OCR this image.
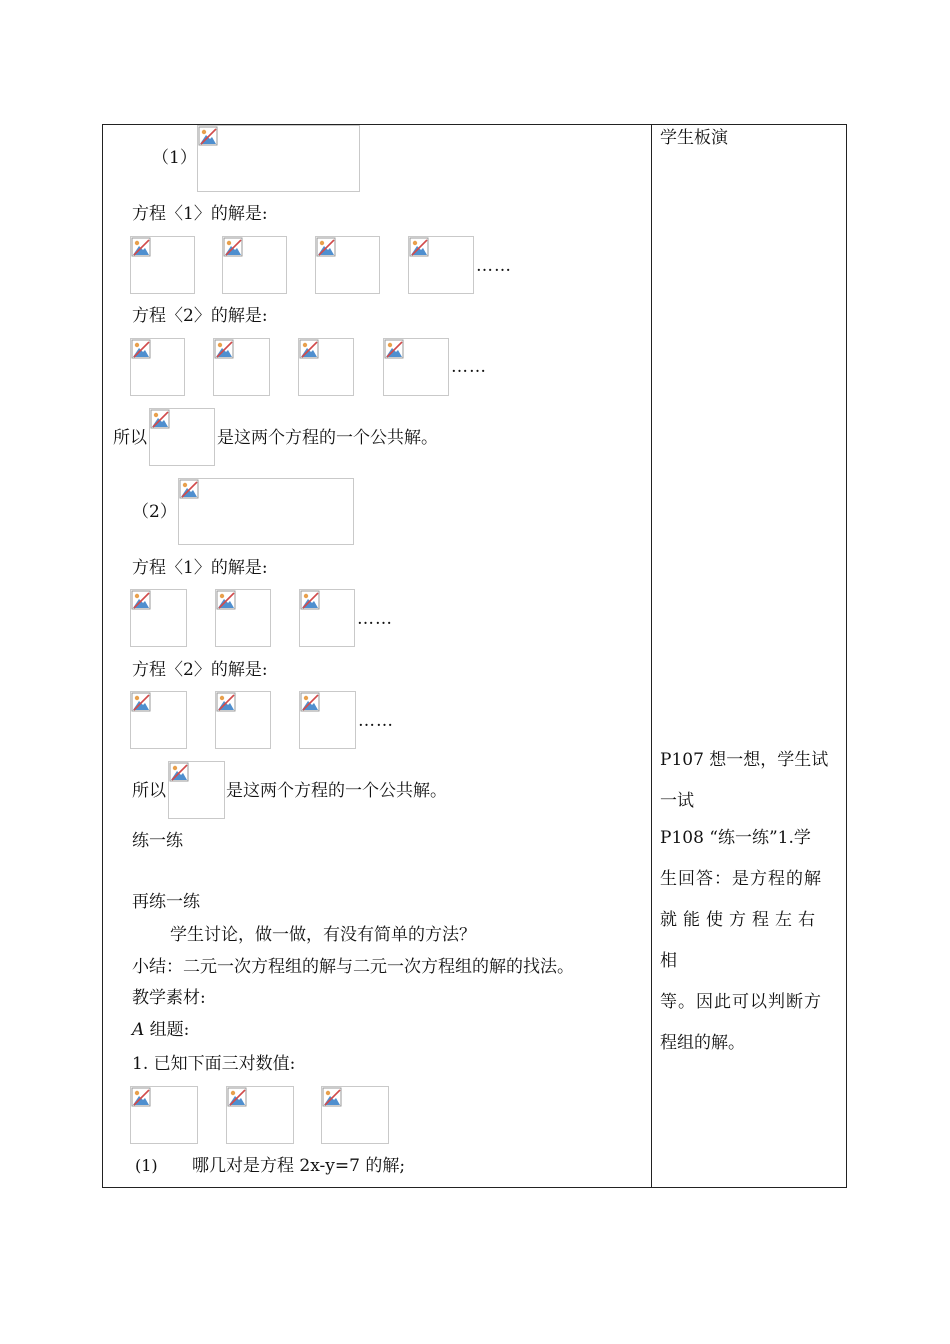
（1）
方程〈1〉的解是:
……
方程〈2〉的解是:
……
所以	是这两个方程的一个公共解。
（2）
方程〈1〉的解是:
……
方程〈2〉的解是:
……
所以	是这两个方程的一个公共解。
练一练
再练一练
学生讨论，做一做，有没有简单的方法？
小结：二元一次方程组的解与二元一次方程组的解的找法。
教学素材:
A 组题:
1. 已知下面三对数值:
(1) 哪几对是方程 2x-y=7 的解;
学生板演
P107 想一想，学生试
一试
P108 “练一练”1.学
生回答：是方程的解
就能使方程左右相
等。因此可以判断方
程组的解。
